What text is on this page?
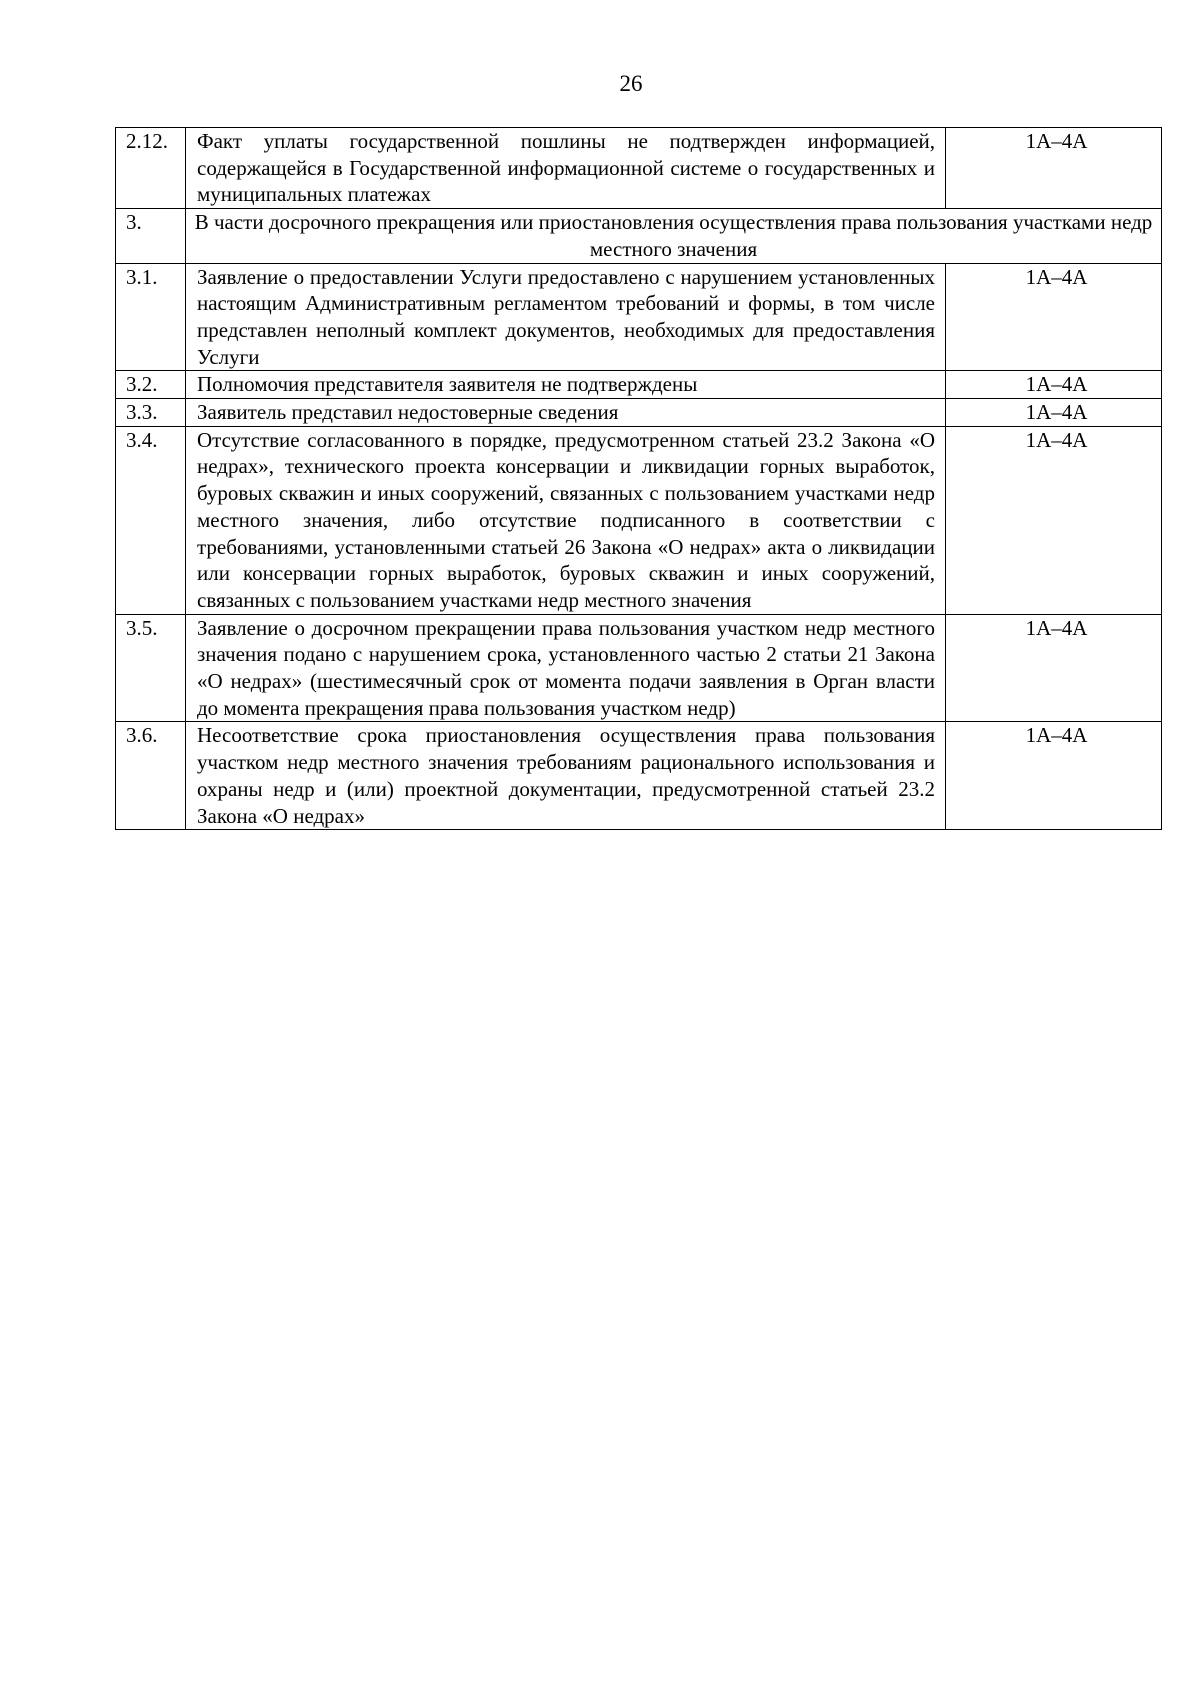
26
2.12.	Факт уплаты государственной пошлины не подтвержден информацией, содержащейся в Государственной информационной системе о государственных и муниципальных платежах	1А–4А
3.	В части досрочного прекращения или приостановления осуществления права пользования участками недр местного значения	
3.1.	Заявление о предоставлении Услуги предоставлено с нарушением установленных настоящим Административным регламентом требований и формы, в том числе представлен неполный комплект документов, необходимых для предоставления Услуги	1А–4А
3.2.	Полномочия представителя заявителя не подтверждены	1А–4А
3.3.	Заявитель представил недостоверные сведения	1А–4А
3.4.	Отсутствие согласованного в порядке, предусмотренном статьей 23.2 Закона «О недрах», технического проекта консервации и ликвидации горных выработок, буровых скважин и иных сооружений, связанных с пользованием участками недр местного значения, либо отсутствие подписанного в соответствии с требованиями, установленными статьей 26 Закона «О недрах» акта о ликвидации или консервации горных выработок, буровых скважин и иных сооружений, связанных с пользованием участками недр местного значения	1А–4А
3.5.	Заявление о досрочном прекращении права пользования участком недр местного значения подано с нарушением срока, установленного частью 2 статьи 21 Закона «О недрах» (шестимесячный срок от момента подачи заявления в Орган власти до момента прекращения права пользования участком недр)	1А–4А
3.6.	Несоответствие срока приостановления осуществления права пользования участком недр местного значения требованиям рационального использования и охраны недр и (или) проектной документации, предусмотренной статьей 23.2 Закона «О недрах»	1А–4А
